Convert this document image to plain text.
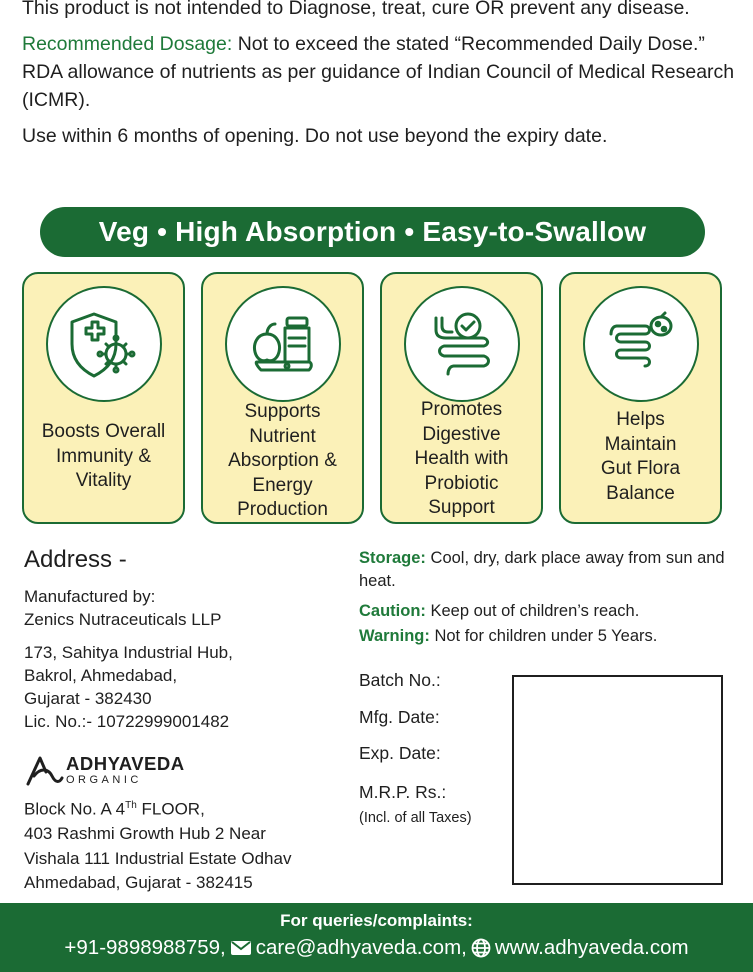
This product is not intended to Diagnose, treat, cure OR prevent any disease.

Recommended Dosage: Not to exceed the stated “Recommended Daily Dose.” RDA allowance of nutrients as per guidance of Indian Council of Medical Research (ICMR).

Use within 6 months of opening. Do not use beyond the expiry date.

Veg • High Absorption • Easy-to-Swallow
Boosts Overall
Immunity &
Vitality
Supports
Nutrient
Absorption &
Energy
Production
Promotes
Digestive
Health with
Probiotic
Support
Helps
Maintain
Gut Flora
Balance
Address -
Manufactured by:
Zenics Nutraceuticals LLP
173, Sahitya Industrial Hub,
Bakrol, Ahmedabad,
Gujarat - 382430
Lic. No.:- 10722999001482
ADHYAVEDA
ORGANIC
Block No. A 4Th FLOOR,
403 Rashmi Growth Hub 2 Near
Vishala 111 Industrial Estate Odhav
Ahmedabad, Gujarat - 382415
Storage: Cool, dry, dark place away from sun and heat.
Caution: Keep out of children’s reach.
Warning: Not for children under 5 Years.
Batch No.:
Mfg. Date:
Exp. Date:
M.R.P. Rs.:
(Incl. of all Taxes)
For queries/complaints:
+91-9898988759, care@adhyaveda.com, www.adhyaveda.com
